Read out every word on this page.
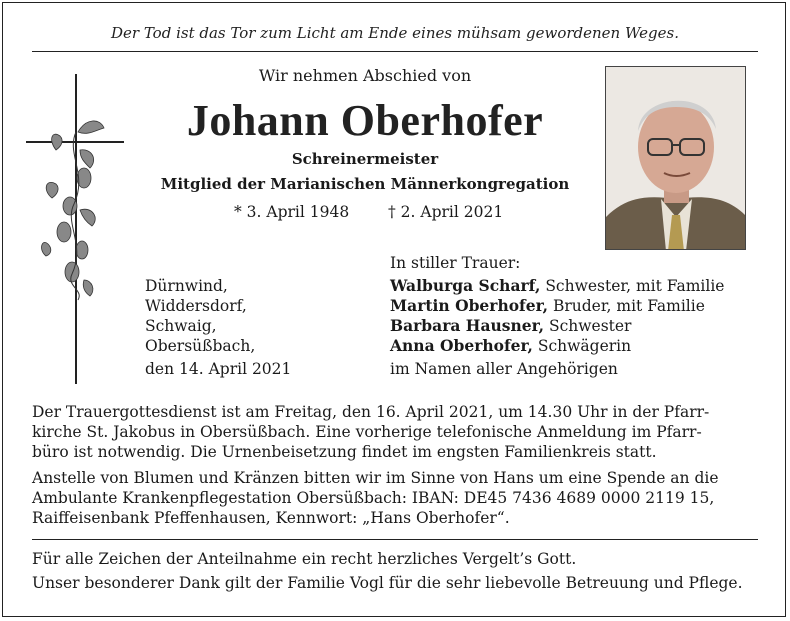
Der Tod ist das Tor zum Licht am Ende eines mühsam gewordenen Weges.
Wir nehmen Abschied von
Johann Oberhofer
Schreinermeister
Mitglied der Marianischen Männerkongregation
* 3. April 1948	† 2. April 2021
In stiller Trauer:
Dürnwind,
Widdersdorf,
Schwaig,
Obersüßbach,
Walburga Scharf, Schwester, mit Familie
Martin Oberhofer, Bruder, mit Familie
Barbara Hausner, Schwester
Anna Oberhofer, Schwägerin
den 14. April 2021	im Namen aller Angehörigen
Der Trauergottesdienst ist am Freitag, den 16. April 2021, um 14.30 Uhr in der Pfarr-
kirche St. Jakobus in Obersüßbach. Eine vorherige telefonische Anmeldung im Pfarr-
büro ist notwendig. Die Urnenbeisetzung findet im engsten Familienkreis statt.
Anstelle von Blumen und Kränzen bitten wir im Sinne von Hans um eine Spende an die
Ambulante Krankenpflegestation Obersüßbach: IBAN: DE45 7436 4689 0000 2119 15,
Raiffeisenbank Pfeffenhausen, Kennwort: „Hans Oberhofer“.
Für alle Zeichen der Anteilnahme ein recht herzliches Vergelt’s Gott.
Unser besonderer Dank gilt der Familie Vogl für die sehr liebevolle Betreuung und Pflege.
